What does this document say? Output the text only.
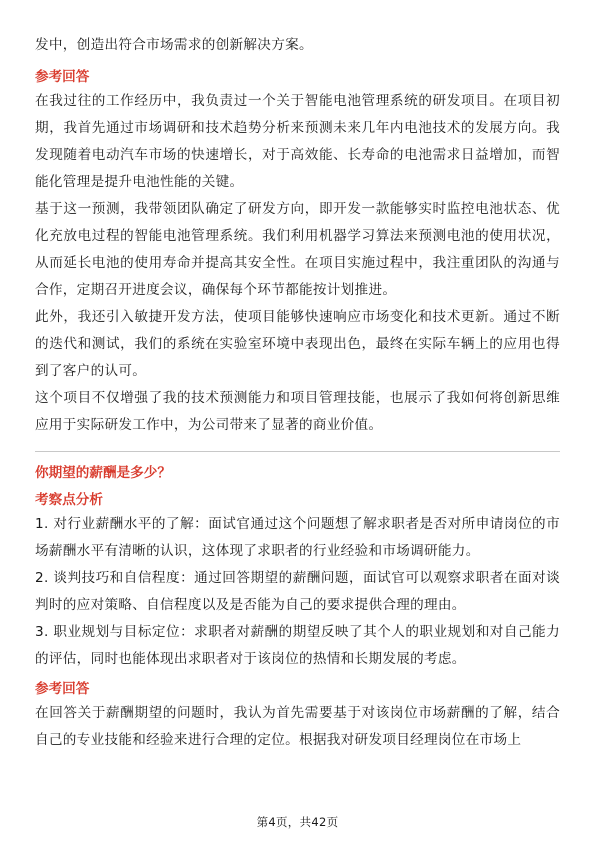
发中，创造出符合市场需求的创新解决方案。

参考回答

在我过往的工作经历中，我负责过一个关于智能电池管理系统的研发项目。在项目初期，我首先通过市场调研和技术趋势分析来预测未来几年内电池技术的发展方向。我发现随着电动汽车市场的快速增长，对于高效能、长寿命的电池需求日益增加，而智能化管理是提升电池性能的关键。

基于这一预测，我带领团队确定了研发方向，即开发一款能够实时监控电池状态、优化充放电过程的智能电池管理系统。我们利用机器学习算法来预测电池的使用状况，从而延长电池的使用寿命并提高其安全性。在项目实施过程中，我注重团队的沟通与合作，定期召开进度会议，确保每个环节都能按计划推进。

此外，我还引入敏捷开发方法，使项目能够快速响应市场变化和技术更新。通过不断的迭代和测试，我们的系统在实验室环境中表现出色，最终在实际车辆上的应用也得到了客户的认可。

这个项目不仅增强了我的技术预测能力和项目管理技能，也展示了我如何将创新思维应用于实际研发工作中，为公司带来了显著的商业价值。

你期望的薪酬是多少？
考察点分析

1. 对行业薪酬水平的了解：面试官通过这个问题想了解求职者是否对所申请岗位的市场薪酬水平有清晰的认识，这体现了求职者的行业经验和市场调研能力。

2. 谈判技巧和自信程度：通过回答期望的薪酬问题，面试官可以观察求职者在面对谈判时的应对策略、自信程度以及是否能为自己的要求提供合理的理由。

3. 职业规划与目标定位：求职者对薪酬的期望反映了其个人的职业规划和对自己能力的评估，同时也能体现出求职者对于该岗位的热情和长期发展的考虑。

参考回答

在回答关于薪酬期望的问题时，我认为首先需要基于对该岗位市场薪酬的了解，结合自己的专业技能和经验来进行合理的定位。根据我对研发项目经理岗位在市场上

第4页，共42页
